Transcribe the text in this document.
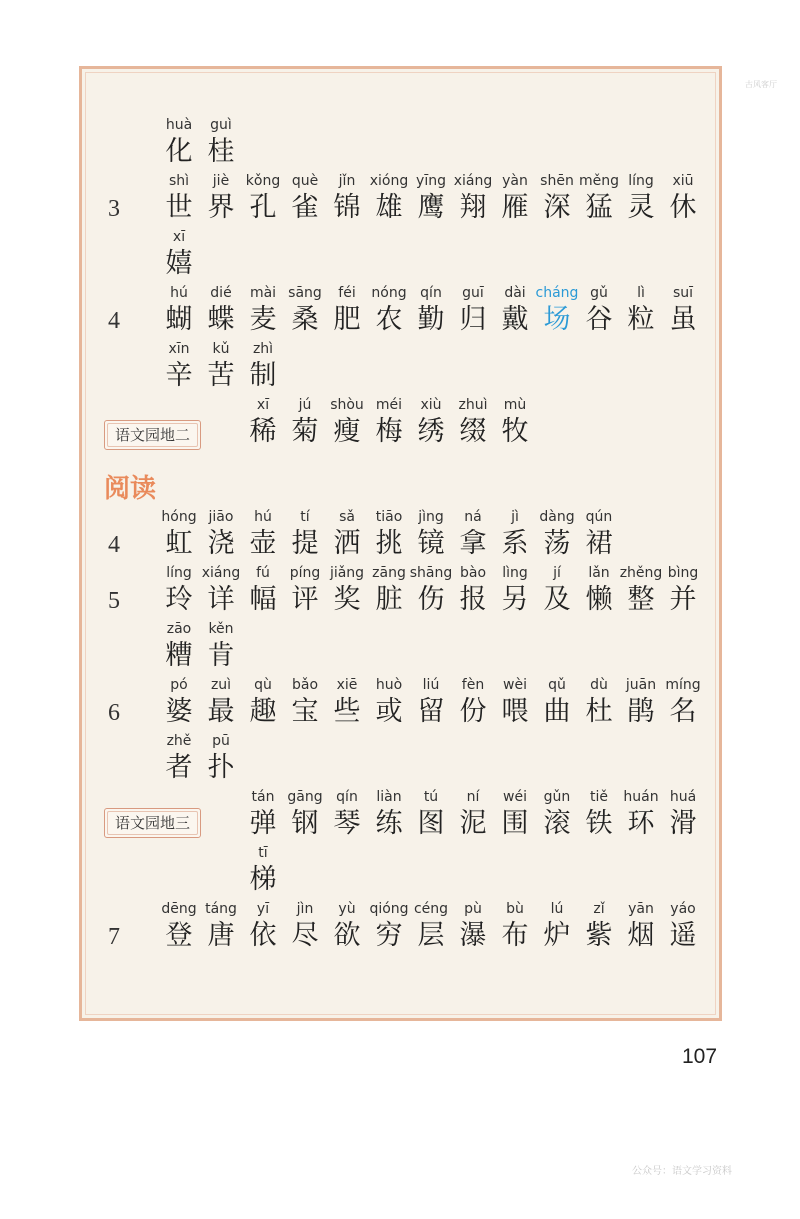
古风客厅
3
4
4
5
6
7
语文园地二
语文园地三
阅读
huà
化
guì
桂
shì
世
jiè
界
kǒng
孔
què
雀
jǐn
锦
xióng
雄
yīng
鹰
xiáng
翔
yàn
雁
shēn
深
měng
猛
líng
灵
xiū
休
xī
嬉
hú
蝴
dié
蝶
mài
麦
sāng
桑
féi
肥
nóng
农
qín
勤
guī
归
dài
戴
cháng
场
gǔ
谷
lì
粒
suī
虽
xīn
辛
kǔ
苦
zhì
制
xī
稀
jú
菊
shòu
瘦
méi
梅
xiù
绣
zhuì
缀
mù
牧
hóng
虹
jiāo
浇
hú
壶
tí
提
sǎ
洒
tiāo
挑
jìng
镜
ná
拿
jì
系
dàng
荡
qún
裙
líng
玲
xiáng
详
fú
幅
píng
评
jiǎng
奖
zāng
脏
shāng
伤
bào
报
lìng
另
jí
及
lǎn
懒
zhěng
整
bìng
并
zāo
糟
kěn
肯
pó
婆
zuì
最
qù
趣
bǎo
宝
xiē
些
huò
或
liú
留
fèn
份
wèi
喂
qǔ
曲
dù
杜
juān
鹃
míng
名
zhě
者
pū
扑
tán
弹
gāng
钢
qín
琴
liàn
练
tú
图
ní
泥
wéi
围
gǔn
滚
tiě
铁
huán
环
huá
滑
tī
梯
dēng
登
táng
唐
yī
依
jìn
尽
yù
欲
qióng
穷
céng
层
pù
瀑
bù
布
lú
炉
zǐ
紫
yān
烟
yáo
遥
107
公众号：语文学习资料
